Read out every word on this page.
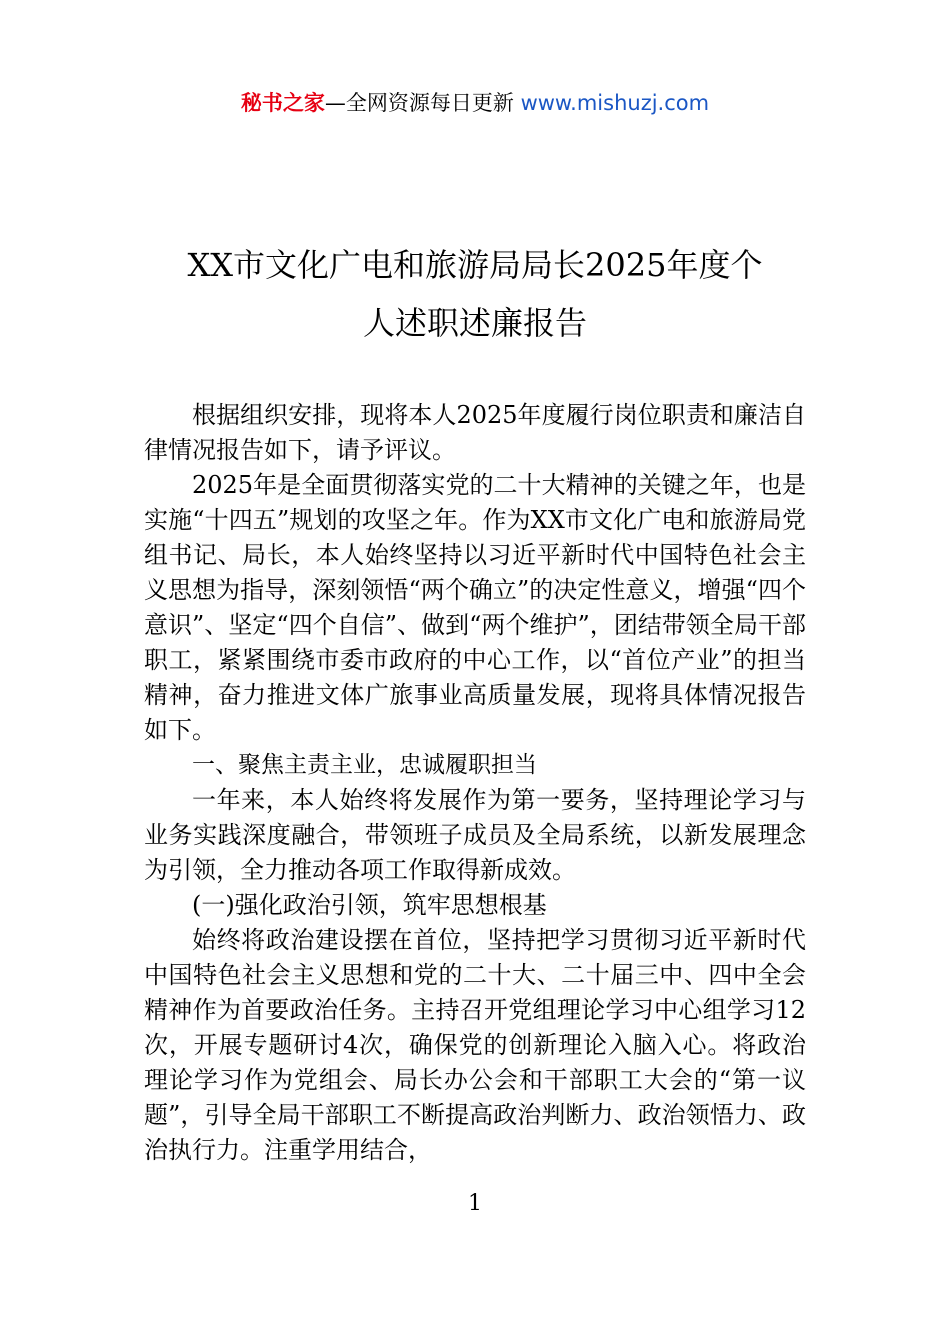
秘书之家—全网资源每日更新 www.mishuzj.com
XX市文化广电和旅游局局长2025年度个
人述职述廉报告

根据组织安排，现将本人2025年度履行岗位职责和廉洁自律情况报告如下，请予评议。

2025年是全面贯彻落实党的二十大精神的关键之年，也是实施“十四五”规划的攻坚之年。作为XX市文化广电和旅游局党组书记、局长，本人始终坚持以习近平新时代中国特色社会主义思想为指导，深刻领悟“两个确立”的决定性意义，增强“四个意识”、坚定“四个自信”、做到“两个维护”，团结带领全局干部职工，紧紧围绕市委市政府的中心工作，以“首位产业”的担当精神，奋力推进文体广旅事业高质量发展，现将具体情况报告如下。

一、聚焦主责主业，忠诚履职担当

一年来，本人始终将发展作为第一要务，坚持理论学习与业务实践深度融合，带领班子成员及全局系统，以新发展理念为引领，全力推动各项工作取得新成效。

(一)强化政治引领，筑牢思想根基

始终将政治建设摆在首位，坚持把学习贯彻习近平新时代中国特色社会主义思想和党的二十大、二十届三中、四中全会精神作为首要政治任务。主持召开党组理论学习中心组学习12次，开展专题研讨4次，确保党的创新理论入脑入心。将政治理论学习作为党组会、局长办公会和干部职工大会的“第一议题”，引导全局干部职工不断提高政治判断力、政治领悟力、政治执行力。注重学用结合，

1
